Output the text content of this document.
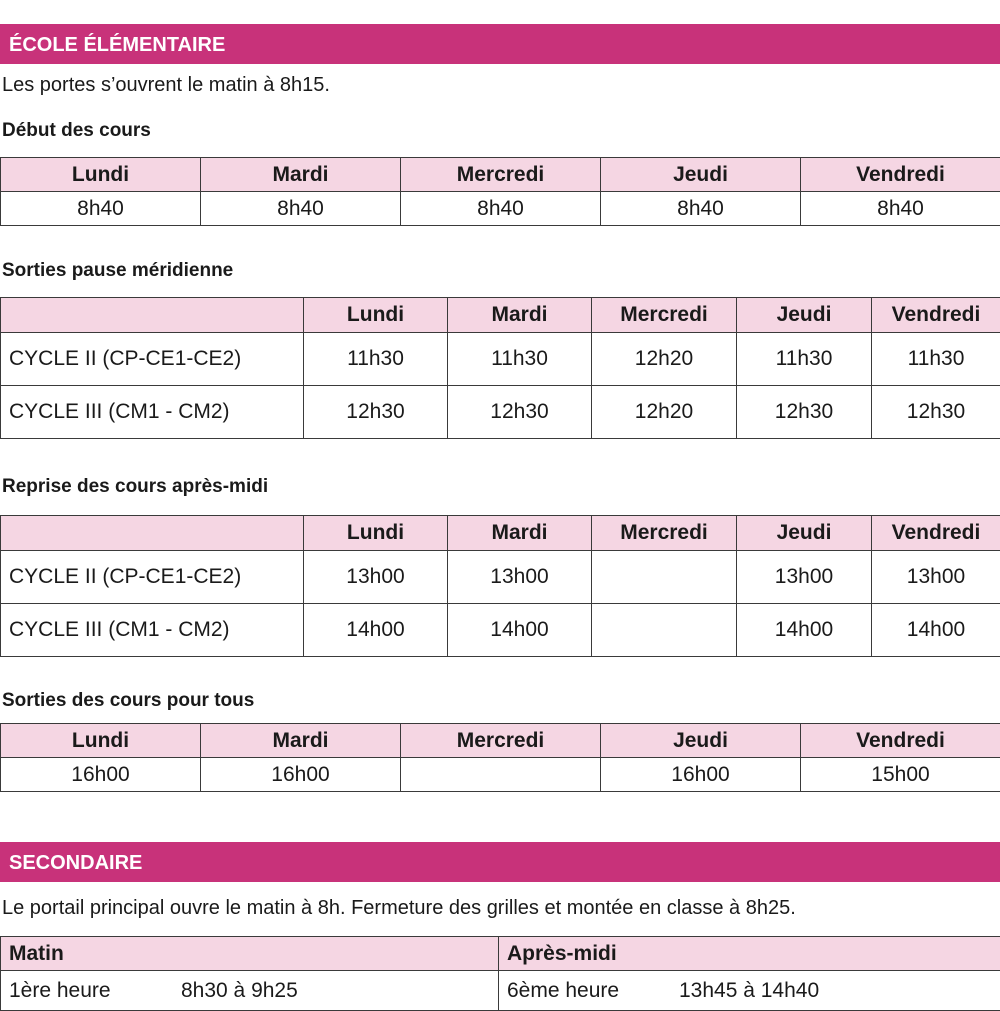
ÉCOLE ÉLÉMENTAIRE
Les portes s’ouvrent le matin à 8h15.
Début des cours
Lundi	Mardi	Mercredi	Jeudi	Vendredi
8h40	8h40	8h40	8h40	8h40
Sorties pause méridienne
	Lundi	Mardi	Mercredi	Jeudi	Vendredi
CYCLE II (CP-CE1-CE2)	11h30	11h30	12h20	11h30	11h30
CYCLE III (CM1 - CM2)	12h30	12h30	12h20	12h30	12h30
Reprise des cours après-midi
	Lundi	Mardi	Mercredi	Jeudi	Vendredi
CYCLE II (CP-CE1-CE2)	13h00	13h00		13h00	13h00
CYCLE III (CM1 - CM2)	14h00	14h00		14h00	14h00
Sorties des cours pour tous
Lundi	Mardi	Mercredi	Jeudi	Vendredi
16h00	16h00		16h00	15h00
SECONDAIRE
Le portail principal ouvre le matin à 8h. Fermeture des grilles et montée en classe à 8h25.
Matin	Après-midi
1ère heure 8h30 à 9h25	6ème heure 13h45 à 14h40
